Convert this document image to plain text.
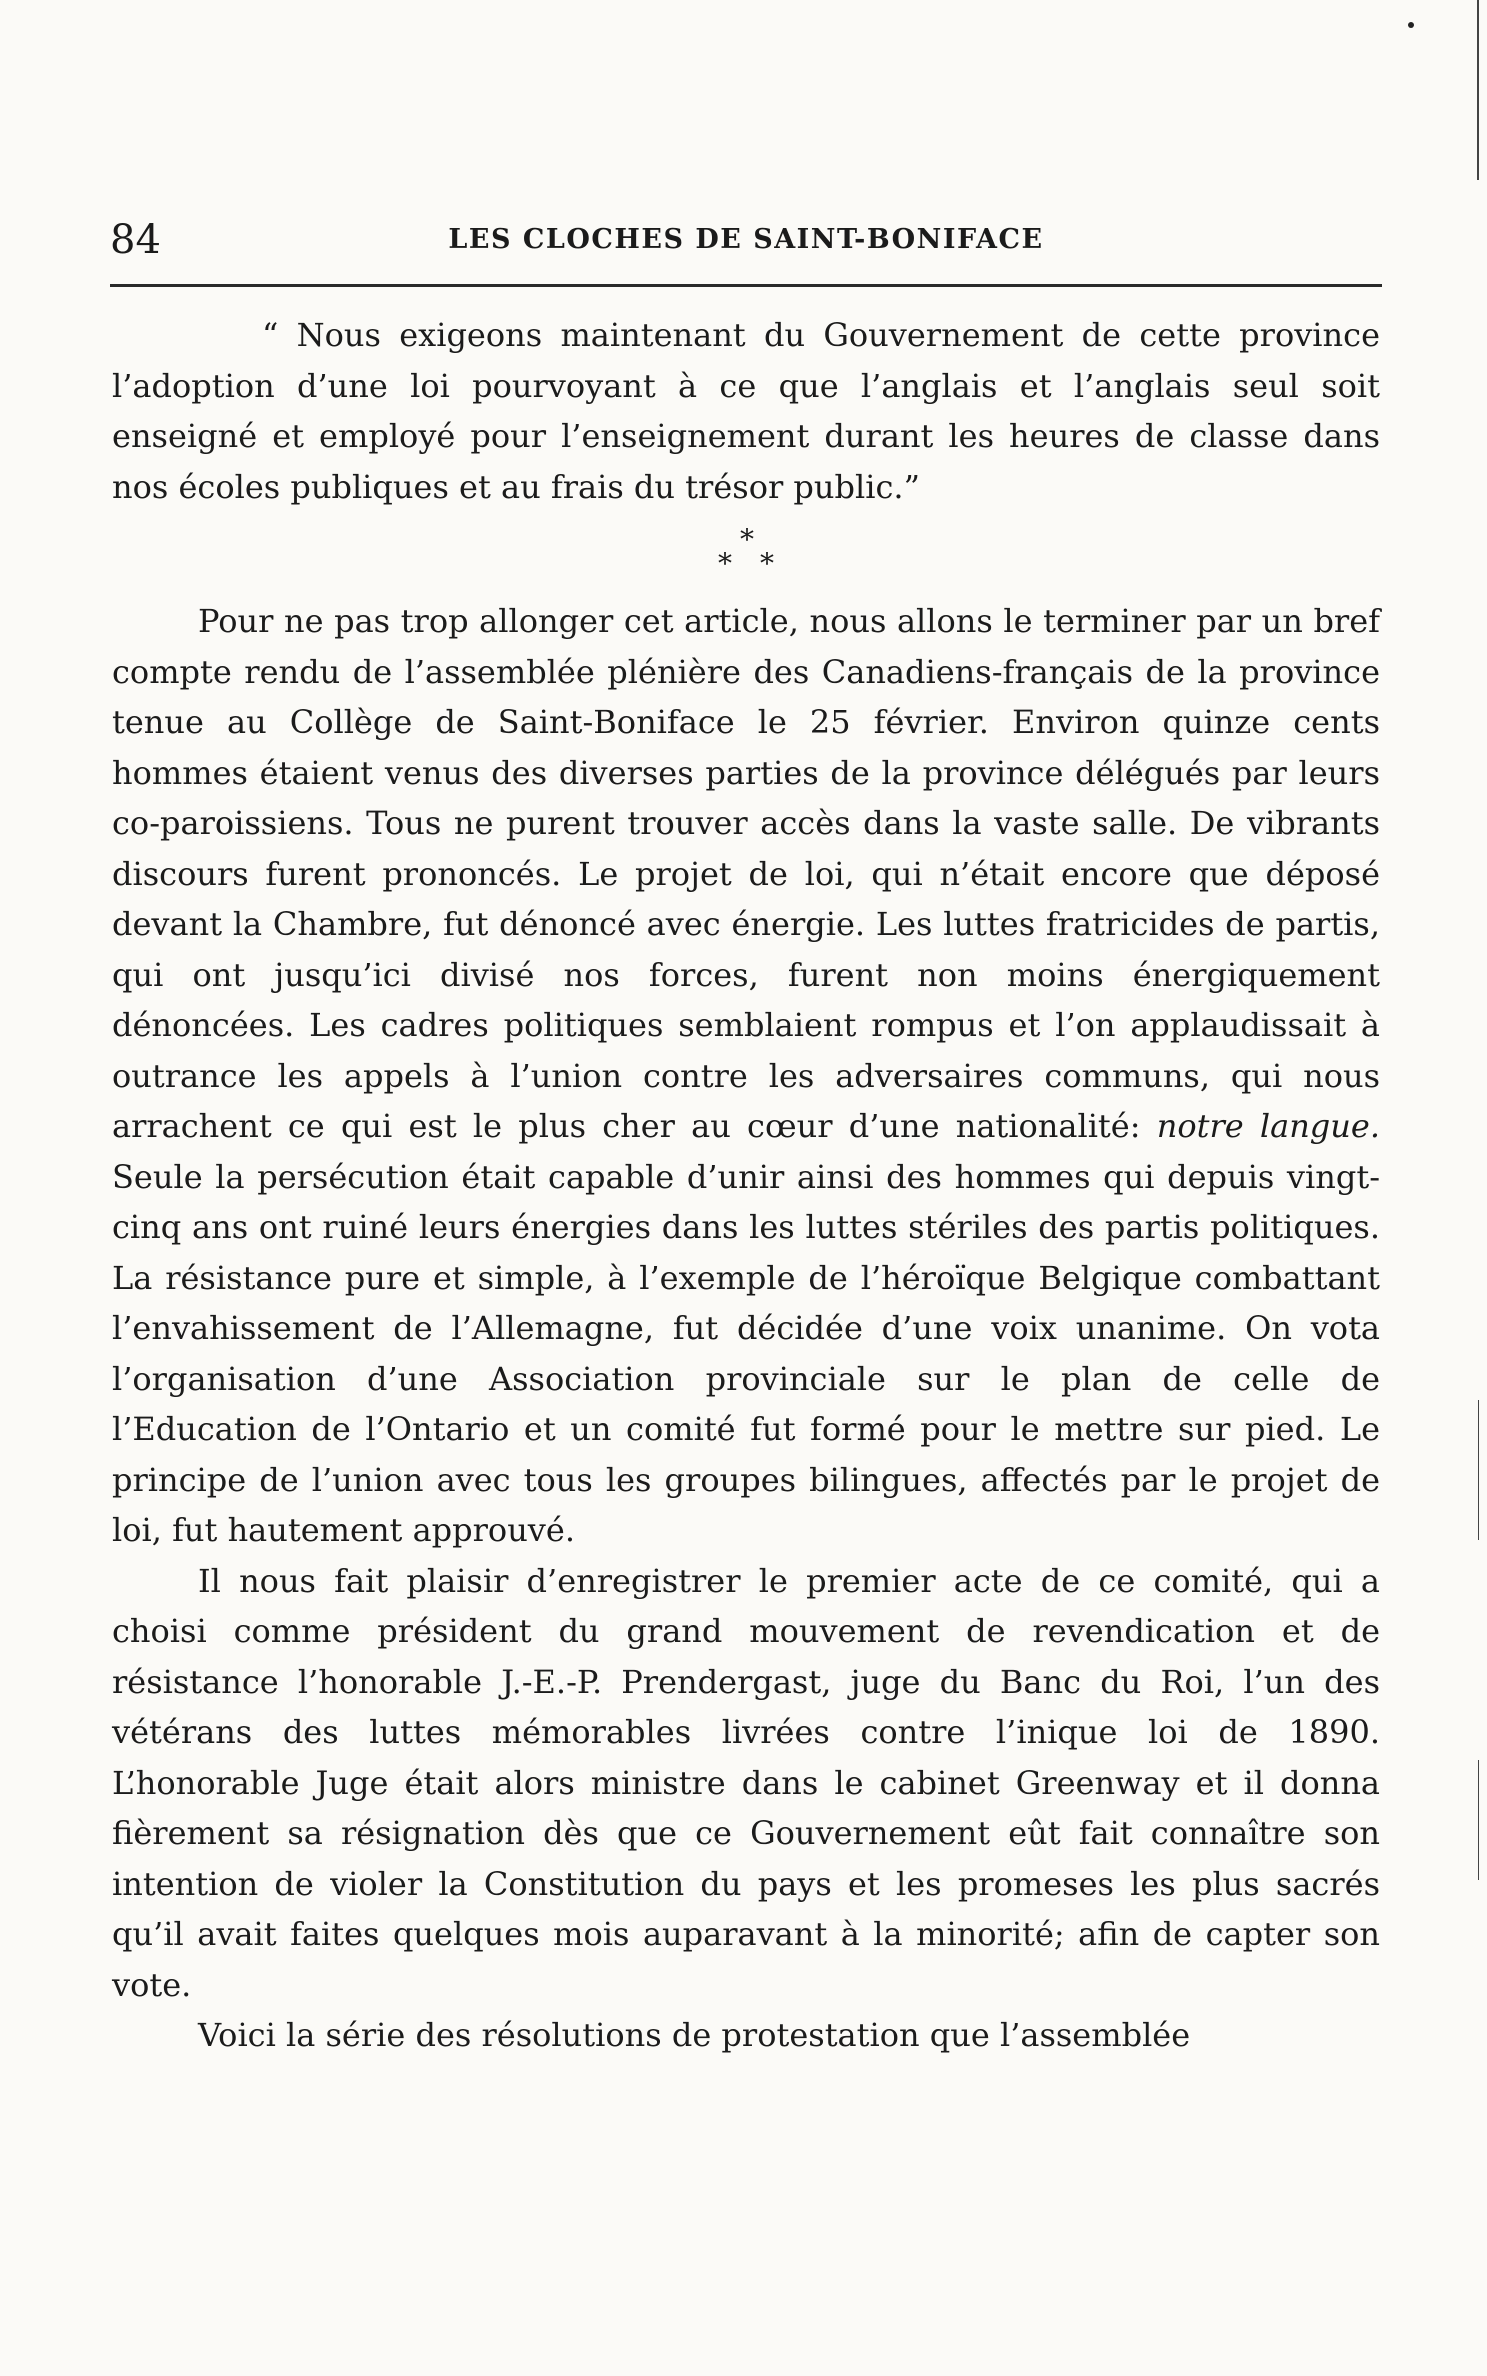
84	LES CLOCHES DE SAINT-BONIFACE

“ Nous exigeons maintenant du Gouvernement de cette province l’adoption d’une loi pourvoyant à ce que l’anglais et l’anglais seul soit enseigné et employé pour l’enseignement durant les heures de classe dans nos écoles publiques et au frais du trésor public.”

*
* *

Pour ne pas trop allonger cet article, nous allons le terminer par un bref compte rendu de l’assemblée plénière des Canadiens-français de la province tenue au Collège de Saint-Boniface le 25 février. Environ quinze cents hommes étaient venus des diverses parties de la province délégués par leurs co-paroissiens. Tous ne purent trouver accès dans la vaste salle. De vibrants discours furent prononcés. Le projet de loi, qui n’était encore que déposé devant la Chambre, fut dénoncé avec énergie. Les luttes fratricides de partis, qui ont jusqu’ici divisé nos forces, furent non moins énergiquement dénoncées. Les cadres politiques semblaient rompus et l’on applaudissait à outrance les appels à l’union contre les adversaires communs, qui nous arrachent ce qui est le plus cher au cœur d’une nationalité: notre langue. Seule la persécution était capable d’unir ainsi des hommes qui depuis vingt-cinq ans ont ruiné leurs énergies dans les luttes stériles des partis politiques. La résistance pure et simple, à l’exemple de l’héroïque Belgique combattant l’envahissement de l’Allemagne, fut décidée d’une voix unanime. On vota l’organisation d’une Association provinciale sur le plan de celle de l’Education de l’Ontario et un comité fut formé pour le mettre sur pied. Le principe de l’union avec tous les groupes bilingues, affectés par le projet de loi, fut hautement approuvé.

Il nous fait plaisir d’enregistrer le premier acte de ce comité, qui a choisi comme président du grand mouvement de revendication et de résistance l’honorable J.-E.-P. Prendergast, juge du Banc du Roi, l’un des vétérans des luttes mémorables livrées contre l’inique loi de 1890. L’honorable Juge était alors ministre dans le cabinet Greenway et il donna fièrement sa résignation dès que ce Gouvernement eût fait connaître son intention de violer la Constitution du pays et les promeses les plus sacrés qu’il avait faites quelques mois auparavant à la minorité; afin de capter son vote.

Voici la série des résolutions de protestation que l’assemblée
